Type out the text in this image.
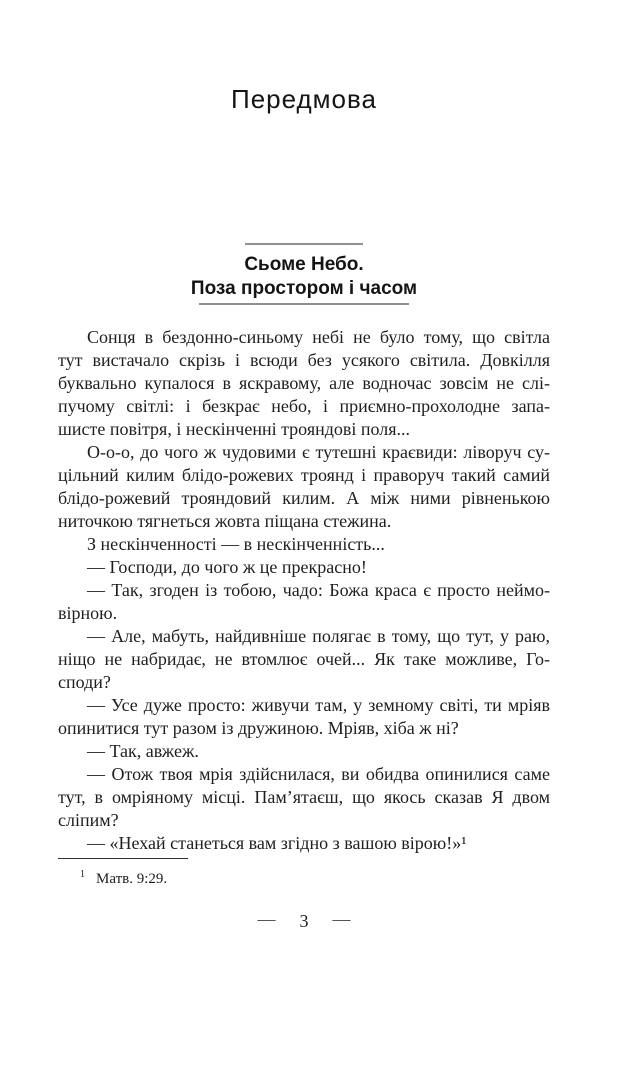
Передмова
Сьоме Небо.
Поза простором і часом
Сонця в бездонно-синьому небі не було тому, що світла
тут вистачало скрізь і всюди без усякого світила. Довкілля
буквально купалося в яскравому, але водночас зовсім не слі-
пучому світлі: і безкрає небо, і приємно-прохолодне запа-
шисте повітря, і нескінченні трояндові поля...
О-о-о, до чого ж чудовими є тутешні краєвиди: ліворуч су-
цільний килим блідо-рожевих троянд і праворуч такий самий
блідо-рожевий трояндовий килим. А між ними рівненькою
ниточкою тягнеться жовта піщана стежина.
З нескінченності — в нескінченність...
— Господи, до чого ж це прекрасно!
— Так, згоден із тобою, чадо: Божа краса є просто неймо-
вірною.
— Але, мабуть, найдивніше полягає в тому, що тут, у раю,
ніщо не набридає, не втомлює очей... Як таке можливе, Го-
споди?
— Усе дуже просто: живучи там, у земному світі, ти мріяв
опинитися тут разом із дружиною. Мріяв, хіба ж ні?
— Так, авжеж.
— Отож твоя мрія здійснилася, ви обидва опинилися саме
тут, в омріяному місці. Пам’ятаєш, що якось сказав Я двом
сліпим?
— «Нехай станеться вам згідно з вашою вірою!»¹
$^1$ Матв. 9:29.
— 3 —
